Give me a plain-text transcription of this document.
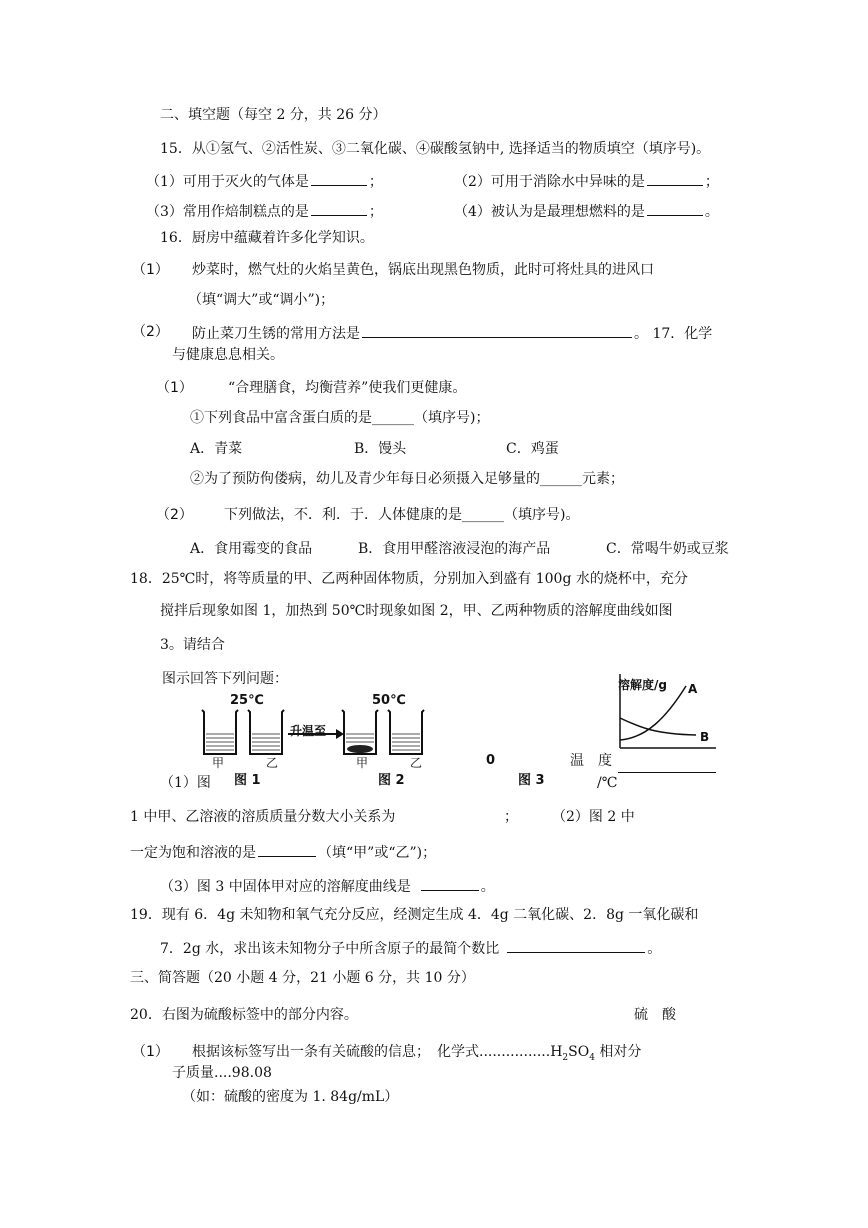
二、填空题（每空 2 分，共 26 分）
15．从①氢气、②活性炭、③二氧化碳、④碳酸氢钠中, 选择适当的物质填空（填序号)。
（1）可用于灭火的气体是	；	（2）可用于消除水中异味的是	；
（3）常用作焙制糕点的是	；	（4）被认为是最理想燃料的是	。
16．厨房中蕴藏着许多化学知识。
（1） 炒菜时，燃气灶的火焰呈黄色，锅底出现黑色物质，此时可将灶具的进风口
（填“调大”或“调小”)；
（2） 防止菜刀生锈的常用方法是	。 17．化学
与健康息息相关。
（1）	“合理膳食，均衡营养”使我们更健康。
①下列食品中富含蛋白质的是______（填序号)；
A．青菜	B．馒头	C．鸡蛋
②为了预防佝偻病，幼儿及青少年每日必须摄入足够量的______元素；
（2） 下列做法，不．利．于．人体健康的是______（填序号)。
A．食用霉变的食品	B．食用甲醛溶液浸泡的海产品	C．常喝牛奶或豆浆
18．25℃时，将等质量的甲、乙两种固体物质，分别加入到盛有 100g 水的烧杯中，充分
搅拌后现象如图 1，加热到 50℃时现象如图 2，甲、乙两种物质的溶解度曲线如图
3。请结合
图示回答下列问题：
25℃	50℃
升温至
甲	乙	甲	乙
溶解度/g A
B
0	温　度
（1）图 图 1	图 2	图 3	/℃
1 中甲、乙溶液的溶质质量分数大小关系为	； （2）图 2 中
一定为饱和溶液的是	（填“甲”或“乙”)；
（3）图 3 中固体甲对应的溶解度曲线是	。
19．现有 6．4g 未知物和氧气充分反应，经测定生成 4．4g 二氧化碳、2．8g 一氧化碳和
7．2g 水，求出该未知物分子中所含原子的最简个数比	。
三、简答题（20 小题 4 分，21 小题 6 分，共 10 分）
20．右图为硫酸标签中的部分内容。	硫　酸
（1） 根据该标签写出一条有关硫酸的信息；　化学式$................H_2SO_4$ 相对分
子质量....98.08
（如：硫酸的密度为 1. 84g/mL）
